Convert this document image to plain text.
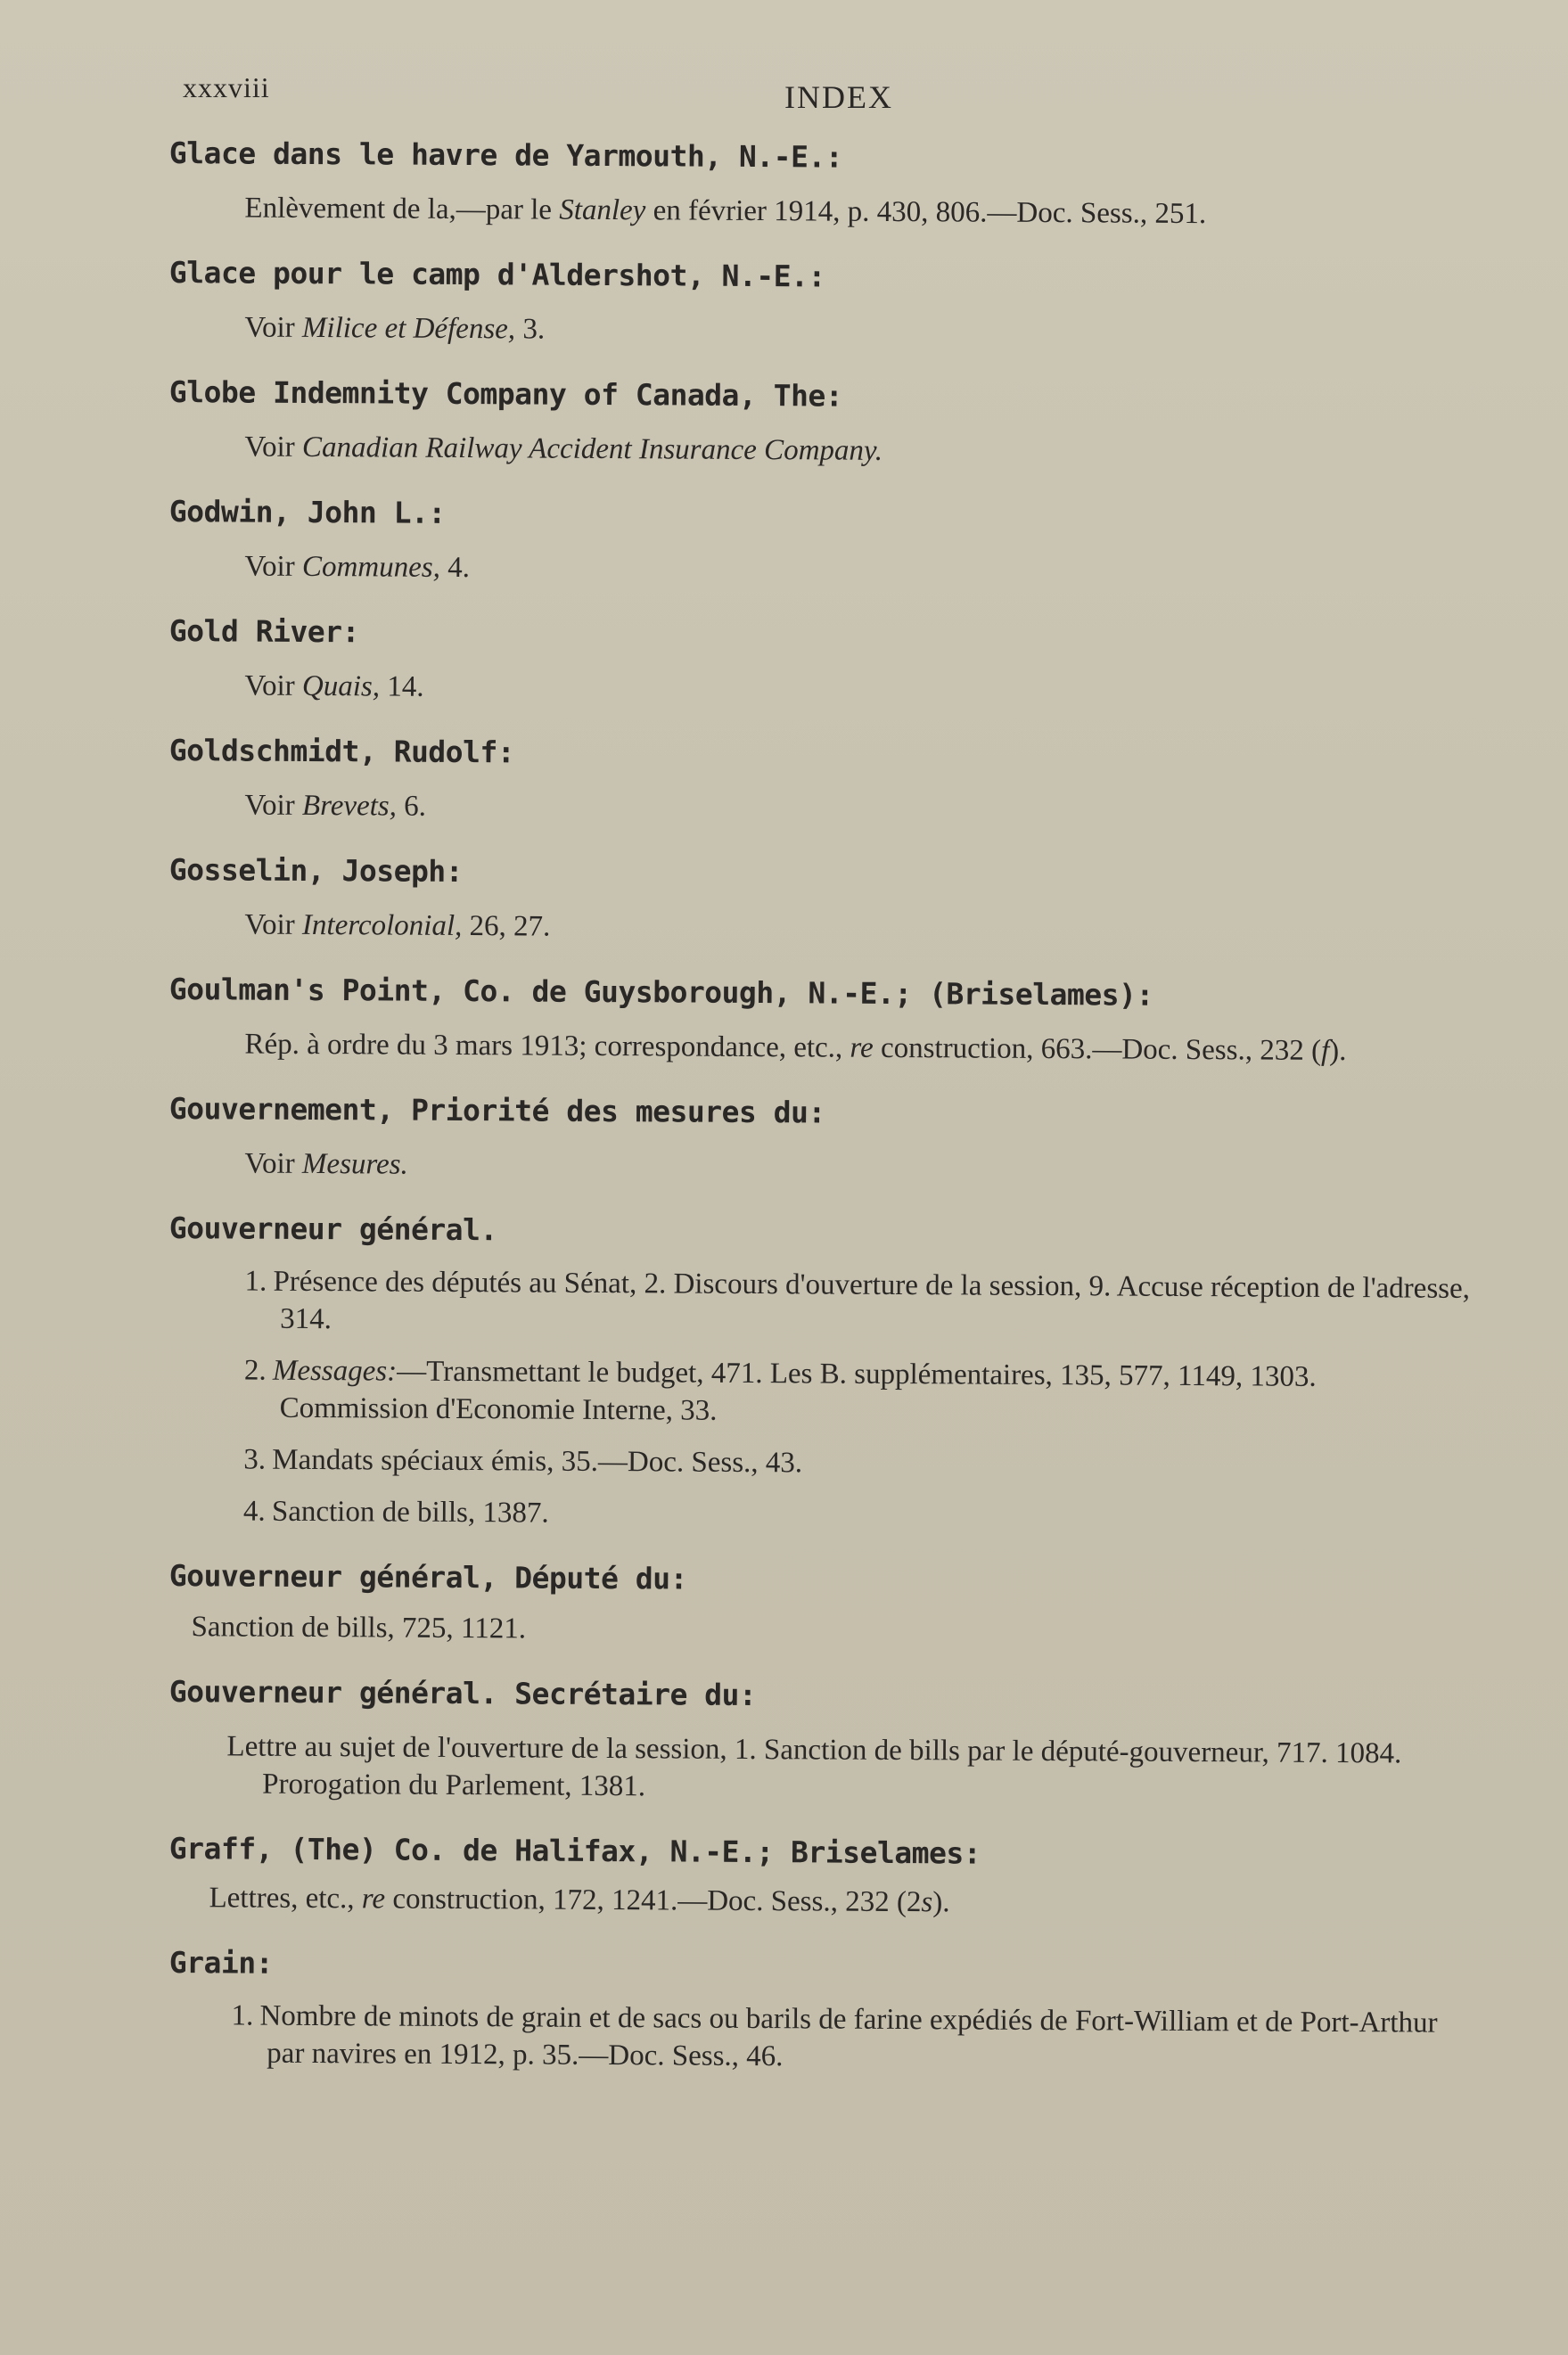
xxxviii	INDEX
Glace dans le havre de Yarmouth, N.-E.:
Enlèvement de la,—par le Stanley en février 1914, p. 430, 806.—Doc. Sess., 251.
Glace pour le camp d'Aldershot, N.-E.:
Voir Milice et Défense, 3.
Globe Indemnity Company of Canada, The:
Voir Canadian Railway Accident Insurance Company.
Godwin, John L.:
Voir Communes, 4.
Gold River:
Voir Quais, 14.
Goldschmidt, Rudolf:
Voir Brevets, 6.
Gosselin, Joseph:
Voir Intercolonial, 26, 27.
Goulman's Point, Co. de Guysborough, N.-E.; (Briselames):
Rép. à ordre du 3 mars 1913; correspondance, etc., re construction, 663.—Doc. Sess., 232 (f).
Gouvernement, Priorité des mesures du:
Voir Mesures.
Gouverneur général.
1. Présence des députés au Sénat, 2. Discours d'ouverture de la session, 9. Accuse réception de l'adresse, 314.
2. Messages:—Transmettant le budget, 471. Les B. supplémentaires, 135, 577, 1149, 1303. Commission d'Economie Interne, 33.
3. Mandats spéciaux émis, 35.—Doc. Sess., 43.
4. Sanction de bills, 1387.
Gouverneur général, Député du:
Sanction de bills, 725, 1121.
Gouverneur général. Secrétaire du:
Lettre au sujet de l'ouverture de la session, 1. Sanction de bills par le député-gouverneur, 717. 1084. Prorogation du Parlement, 1381.
Graff, (The) Co. de Halifax, N.-E.; Briselames:
Lettres, etc., re construction, 172, 1241.—Doc. Sess., 232 (2s).
Grain:
1. Nombre de minots de grain et de sacs ou barils de farine expédiés de Fort-William et de Port-Arthur par navires en 1912, p. 35.—Doc. Sess., 46.
